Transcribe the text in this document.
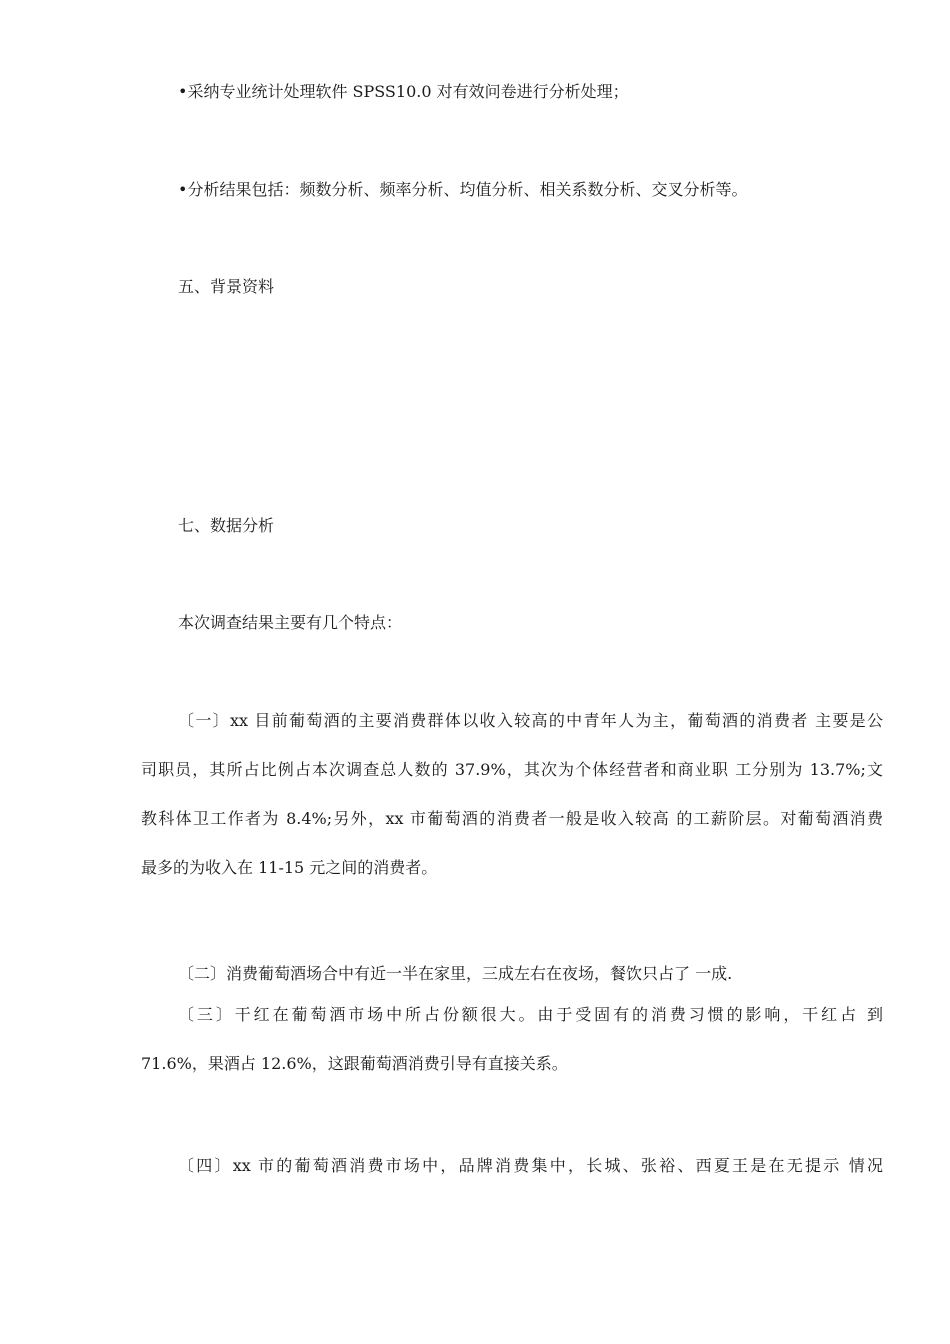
•采纳专业统计处理软件 SPSS10.0 对有效问卷进行分析处理；
•分析结果包括：频数分析、频率分析、均值分析、相关系数分析、交叉分析等。
五、背景资料
七、数据分析
本次调查结果主要有几个特点：
〔一〕xx 目前葡萄酒的主要消费群体以收入较高的中青年人为主，葡萄酒的消费者 主要是公
司职员，其所占比例占本次调查总人数的 37.9%，其次为个体经营者和商业职 工分别为 13.7%;文
教科体卫工作者为 8.4%;另外，xx 市葡萄酒的消费者一般是收入较高 的工薪阶层。对葡萄酒消费
最多的为收入在 11-15 元之间的消费者。
〔二〕消费葡萄酒场合中有近一半在家里，三成左右在夜场，餐饮只占了 一成.
〔三〕干红在葡萄酒市场中所占份额很大。由于受固有的消费习惯的影响，干红占 到
71.6%，果酒占 12.6%，这跟葡萄酒消费引导有直接关系。
〔四〕xx 市的葡萄酒消费市场中，品牌消费集中，长城、张裕、西夏王是在无提示 情况
